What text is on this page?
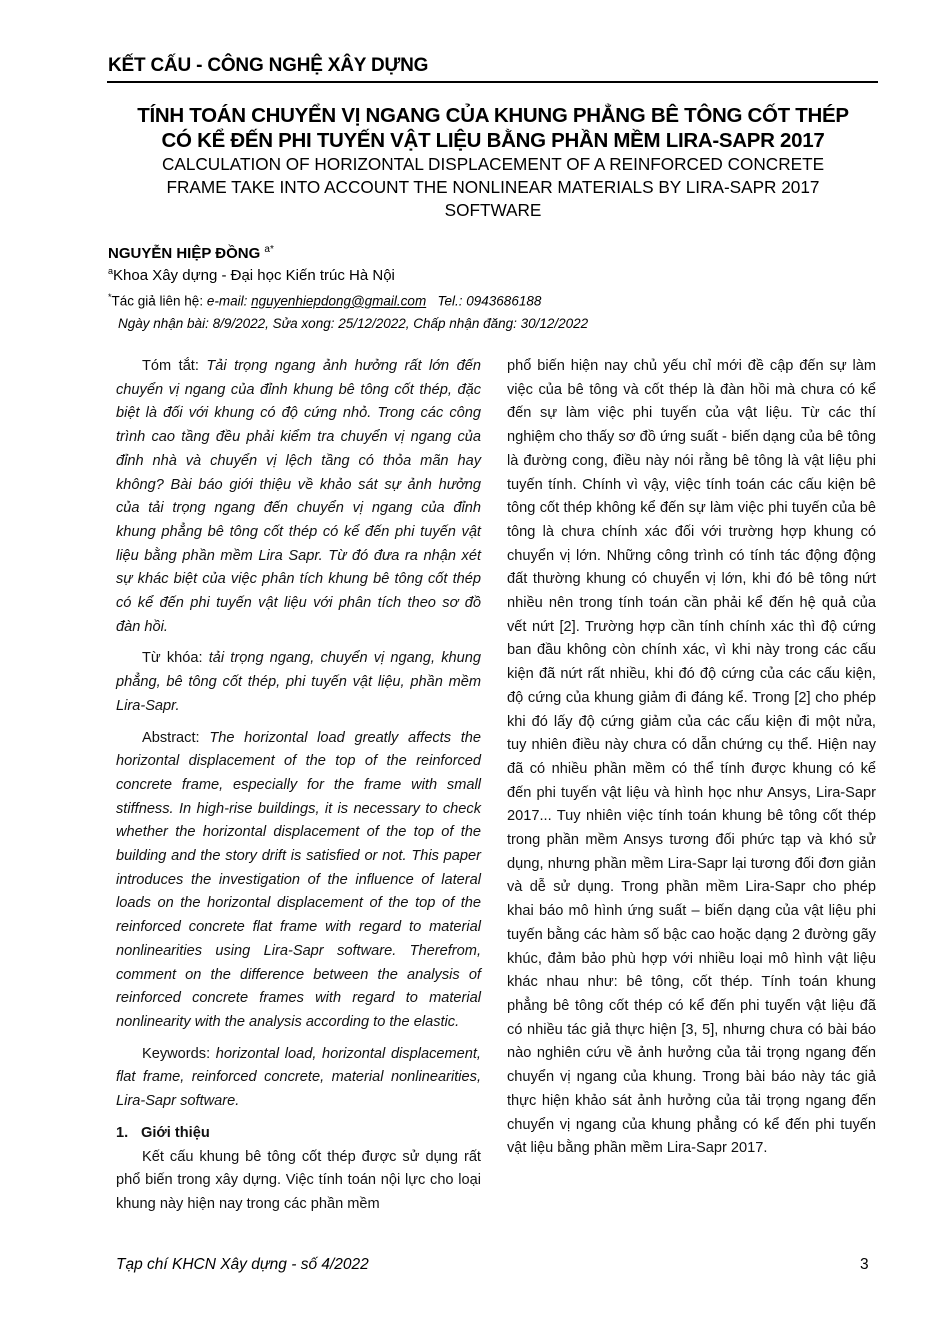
KẾT CẤU - CÔNG NGHỆ XÂY DỰNG
TÍNH TOÁN CHUYỂN VỊ NGANG CỦA KHUNG PHẲNG BÊ TÔNG CỐT THÉP
CÓ KỂ ĐẾN PHI TUYẾN VẬT LIỆU BẰNG PHẦN MỀM LIRA-SAPR 2017
CALCULATION OF HORIZONTAL DISPLACEMENT OF A REINFORCED CONCRETE
FRAME TAKE INTO ACCOUNT THE NONLINEAR MATERIALS BY LIRA-SAPR 2017
SOFTWARE
NGUYỄN HIỆP ĐỒNG $^{a*}$
$^a$Khoa Xây dựng - Đại học Kiến trúc Hà Nội
*Tác giả liên hệ: e-mail: nguyenhiepdong@gmail.com Tel.: 0943686188
Ngày nhận bài: 8/9/2022, Sửa xong: 25/12/2022, Chấp nhận đăng: 30/12/2022

Tóm tắt: Tải trọng ngang ảnh hưởng rất lớn đến chuyển vị ngang của đỉnh khung bê tông cốt thép, đặc biệt là đối với khung có độ cứng nhỏ. Trong các công trình cao tầng đều phải kiểm tra chuyển vị ngang của đỉnh nhà và chuyển vị lệch tầng có thỏa mãn hay không? Bài báo giới thiệu về khảo sát sự ảnh hưởng của tải trọng ngang đến chuyển vị ngang của đỉnh khung phẳng bê tông cốt thép có kể đến phi tuyến vật liệu bằng phần mềm Lira Sapr. Từ đó đưa ra nhận xét sự khác biệt của việc phân tích khung bê tông cốt thép có kể đến phi tuyến vật liệu với phân tích theo sơ đồ đàn hồi.

Từ khóa: tải trọng ngang, chuyển vị ngang, khung phẳng, bê tông cốt thép, phi tuyến vật liệu, phần mềm Lira-Sapr.

Abstract: The horizontal load greatly affects the horizontal displacement of the top of the reinforced concrete frame, especially for the frame with small stiffness. In high-rise buildings, it is necessary to check whether the horizontal displacement of the top of the building and the story drift is satisfied or not. This paper introduces the investigation of the influence of lateral loads on the horizontal displacement of the top of the reinforced concrete flat frame with regard to material nonlinearities using Lira-Sapr software. Therefrom, comment on the difference between the analysis of reinforced concrete frames with regard to material nonlinearity with the analysis according to the elastic.

Keywords: horizontal load, horizontal displacement, flat frame, reinforced concrete, material nonlinearities, Lira-Sapr software.

1. Giới thiệu

Kết cấu khung bê tông cốt thép được sử dụng rất phổ biến trong xây dựng. Việc tính toán nội lực cho loại khung này hiện nay trong các phần mềm

phổ biến hiện nay chủ yếu chỉ mới đề cập đến sự làm việc của bê tông và cốt thép là đàn hồi mà chưa có kể đến sự làm việc phi tuyến của vật liệu. Từ các thí nghiệm cho thấy sơ đồ ứng suất - biến dạng của bê tông là đường cong, điều này nói rằng bê tông là vật liệu phi tuyến tính. Chính vì vậy, việc tính toán các cấu kiện bê tông cốt thép không kể đến sự làm việc phi tuyến của bê tông là chưa chính xác đối với trường hợp khung có chuyển vị lớn. Những công trình có tính tác động động đất thường khung có chuyển vị lớn, khi đó bê tông nứt nhiều nên trong tính toán cần phải kể đến hệ quả của vết nứt [2]. Trường hợp cần tính chính xác thì độ cứng ban đầu không còn chính xác, vì khi này trong các cấu kiện đã nứt rất nhiều, khi đó độ cứng của các cấu kiện, độ cứng của khung giảm đi đáng kể. Trong [2] cho phép khi đó lấy độ cứng giảm của các cấu kiện đi một nửa, tuy nhiên điều này chưa có dẫn chứng cụ thể. Hiện nay đã có nhiều phần mềm có thể tính được khung có kể đến phi tuyến vật liệu và hình học như Ansys, Lira-Sapr 2017... Tuy nhiên việc tính toán khung bê tông cốt thép trong phần mềm Ansys tương đối phức tạp và khó sử dụng, nhưng phần mềm Lira-Sapr lại tương đối đơn giản và dễ sử dụng. Trong phần mềm Lira-Sapr cho phép khai báo mô hình ứng suất – biến dạng của vật liệu phi tuyến bằng các hàm số bậc cao hoặc dạng 2 đường gãy khúc, đảm bảo phù hợp với nhiều loại mô hình vật liệu khác nhau như: bê tông, cốt thép. Tính toán khung phẳng bê tông cốt thép có kể đến phi tuyến vật liệu đã có nhiều tác giả thực hiện [3, 5], nhưng chưa có bài báo nào nghiên cứu về ảnh hưởng của tải trọng ngang đến chuyển vị ngang của khung. Trong bài báo này tác giả thực hiện khảo sát ảnh hưởng của tải trọng ngang đến chuyển vị ngang của khung phẳng có kể đến phi tuyến vật liệu bằng phần mềm Lira-Sapr 2017.

Tạp chí KHCN Xây dựng - số 4/2022	3
